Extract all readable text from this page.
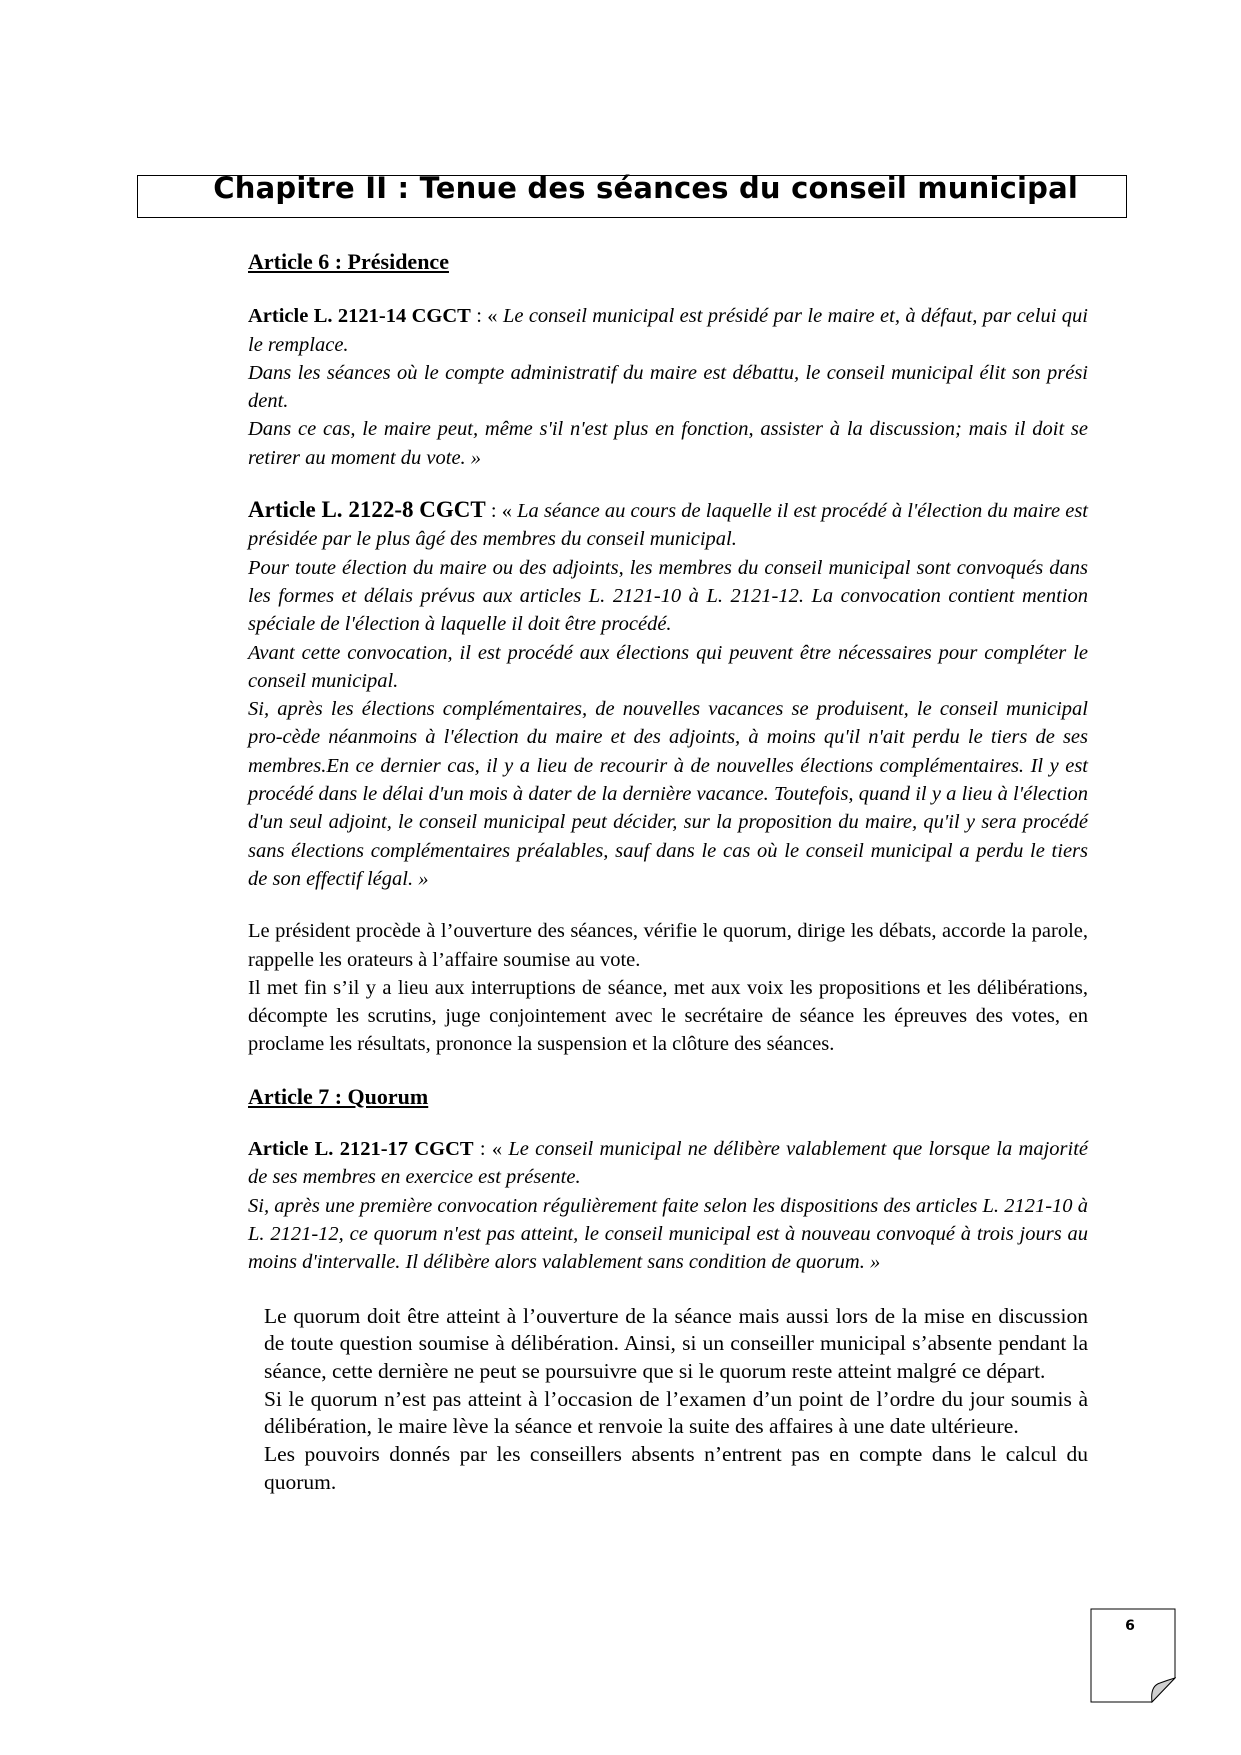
Chapitre II : Tenue des séances du conseil municipal

Article 6 : Présidence

Article L. 2121-14 CGCT : « Le conseil municipal est présidé par le maire et, à défaut, par celui qui le remplace.

Dans les séances où le compte administratif du maire est débattu, le conseil municipal élit son prési dent.

Dans ce cas, le maire peut, même s'il n'est plus en fonction, assister à la discussion; mais il doit se retirer au moment du vote. »

Article L. 2122-8 CGCT : « La séance au cours de laquelle il est procédé à l'élection du maire est présidée par le plus âgé des membres du conseil municipal.

Pour toute élection du maire ou des adjoints, les membres du conseil municipal sont convoqués dans les formes et délais prévus aux articles L. 2121-10 à L. 2121-12. La convocation contient mention spéciale de l'élection à laquelle il doit être procédé.

Avant cette convocation, il est procédé aux élections qui peuvent être nécessaires pour compléter le conseil municipal.

Si, après les élections complémentaires, de nouvelles vacances se produisent, le conseil municipal pro-cède néanmoins à l'élection du maire et des adjoints, à moins qu'il n'ait perdu le tiers de ses membres.En ce dernier cas, il y a lieu de recourir à de nouvelles élections complémentaires. Il y est procédé dans le délai d'un mois à dater de la dernière vacance. Toutefois, quand il y a lieu à l'élection d'un seul adjoint, le conseil municipal peut décider, sur la proposition du maire, qu'il y sera procédé sans élections complémentaires préalables, sauf dans le cas où le conseil municipal a perdu le tiers de son effectif légal. »

Le président procède à l’ouverture des séances, vérifie le quorum, dirige les débats, accorde la parole, rappelle les orateurs à l’affaire soumise au vote.

Il met fin s’il y a lieu aux interruptions de séance, met aux voix les propositions et les délibérations, décompte les scrutins, juge conjointement avec le secrétaire de séance les épreuves des votes, en proclame les résultats, prononce la suspension et la clôture des séances.

Article 7 : Quorum

Article L. 2121-17 CGCT : « Le conseil municipal ne délibère valablement que lorsque la majorité de ses membres en exercice est présente.

Si, après une première convocation régulièrement faite selon les dispositions des articles L. 2121-10 à L. 2121-12, ce quorum n'est pas atteint, le conseil municipal est à nouveau convoqué à trois jours au moins d'intervalle. Il délibère alors valablement sans condition de quorum. »

Le quorum doit être atteint à l’ouverture de la séance mais aussi lors de la mise en discussion de toute question soumise à délibération. Ainsi, si un conseiller municipal s’absente pendant la séance, cette dernière ne peut se poursuivre que si le quorum reste atteint malgré ce départ.

Si le quorum n’est pas atteint à l’occasion de l’examen d’un point de l’ordre du jour soumis à délibération, le maire lève la séance et renvoie la suite des affaires à une date ultérieure.

Les pouvoirs donnés par les conseillers absents n’entrent pas en compte dans le calcul du quorum.

6
